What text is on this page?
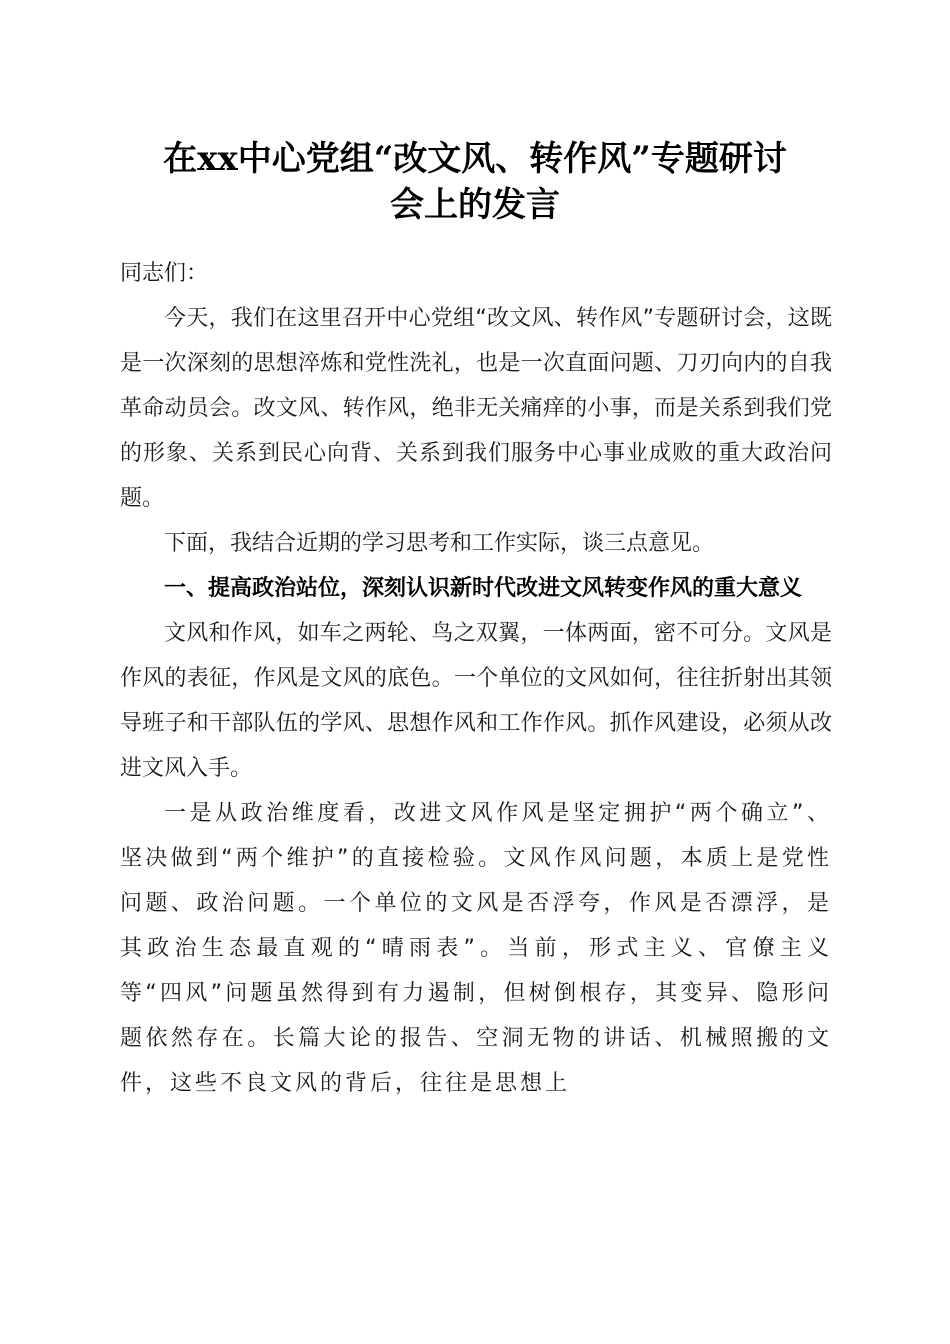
在xx中心党组“改文风、转作风”专题研讨
会上的发言

同志们：

今天，我们在这里召开中心党组“改文风、转作风”专题研讨会，这既是一次深刻的思想淬炼和党性洗礼，也是一次直面问题、刀刃向内的自我革命动员会。改文风、转作风，绝非无关痛痒的小事，而是关系到我们党的形象、关系到民心向背、关系到我们服务中心事业成败的重大政治问题。

下面，我结合近期的学习思考和工作实际，谈三点意见。

一、提高政治站位，深刻认识新时代改进文风转变作风的重大意义

文风和作风，如车之两轮、鸟之双翼，一体两面，密不可分。文风是作风的表征，作风是文风的底色。一个单位的文风如何，往往折射出其领导班子和干部队伍的学风、思想作风和工作作风。抓作风建设，必须从改进文风入手。

一是从政治维度看，改进文风作风是坚定拥护“两个确立”、坚决做到“两个维护”的直接检验。文风作风问题，本质上是党性问题、政治问题。一个单位的文风是否浮夸，作风是否漂浮，是其政治生态最直观的“晴雨表”。当前，形式主义、官僚主义等“四风”问题虽然得到有力遏制，但树倒根存，其变异、隐形问题依然存在。长篇大论的报告、空洞无物的讲话、机械照搬的文件，这些不良文风的背后，往往是思想上
